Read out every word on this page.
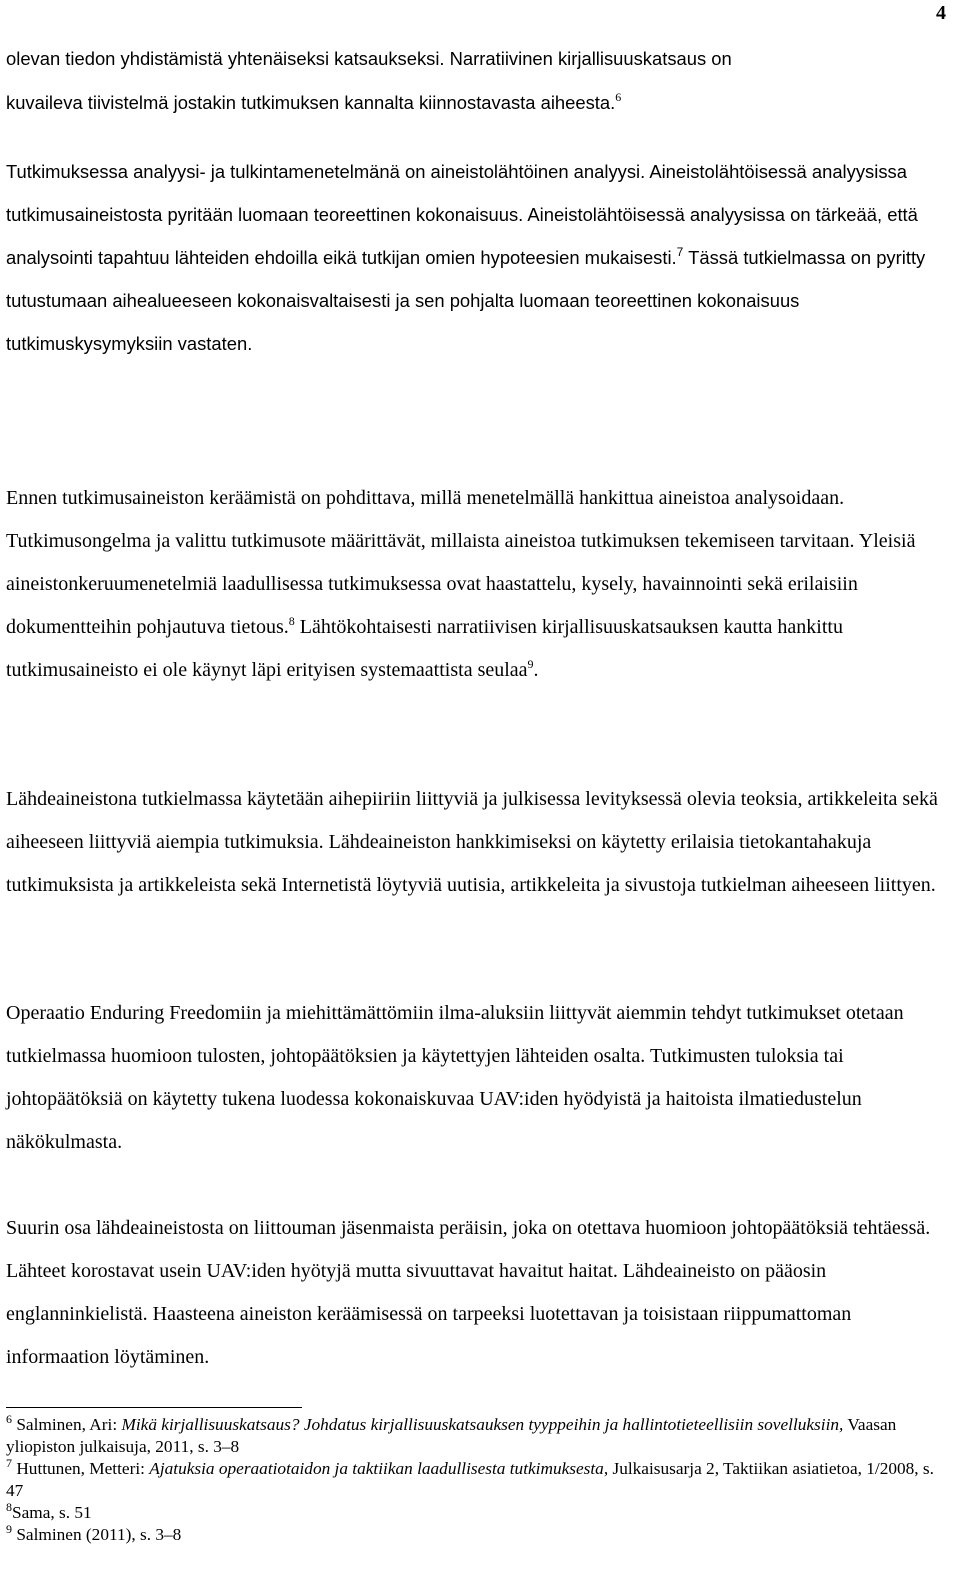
4

olevan tiedon yhdistämistä yhtenäiseksi katsaukseksi. Narratiivinen kirjallisuuskatsaus on
kuvaileva tiivistelmä jostakin tutkimuksen kannalta kiinnostavasta aiheesta.$^6$

Tutkimuksessa analyysi- ja tulkintamenetelmänä on aineistolähtöinen analyysi. Aineistolähtöisessä analyysissa tutkimusaineistosta pyritään luomaan teoreettinen kokonaisuus. Aineistolähtöisessä analyysissa on tärkeää, että analysointi tapahtuu lähteiden ehdoilla eikä tutkijan omien hypoteesien mukaisesti.$^7$ Tässä tutkielmassa on pyritty tutustumaan aihealueeseen kokonaisvaltaisesti ja sen pohjalta luomaan teoreettinen kokonaisuus tutkimuskysymyksiin vastaten.

Ennen tutkimusaineiston keräämistä on pohdittava, millä menetelmällä hankittua aineistoa analysoidaan. Tutkimusongelma ja valittu tutkimusote määrittävät, millaista aineistoa tutkimuksen tekemiseen tarvitaan. Yleisiä aineistonkeruumenetelmiä laadullisessa tutkimuksessa ovat haastattelu, kysely, havainnointi sekä erilaisiin dokumentteihin pohjautuva tietous.$^8$ Lähtökohtaisesti narratiivisen kirjallisuuskatsauksen kautta hankittu tutkimusaineisto ei ole käynyt läpi erityisen systemaattista seulaa$^9$.

Lähdeaineistona tutkielmassa käytetään aihepiiriin liittyviä ja julkisessa levityksessä olevia teoksia, artikkeleita sekä aiheeseen liittyviä aiempia tutkimuksia. Lähdeaineiston hankkimiseksi on käytetty erilaisia tietokantahakuja tutkimuksista ja artikkeleista sekä Internetistä löytyviä uutisia, artikkeleita ja sivustoja tutkielman aiheeseen liittyen.

Operaatio Enduring Freedomiin ja miehittämättömiin ilma-aluksiin liittyvät aiemmin tehdyt tutkimukset otetaan tutkielmassa huomioon tulosten, johtopäätöksien ja käytettyjen lähteiden osalta. Tutkimusten tuloksia tai johtopäätöksiä on käytetty tukena luodessa kokonaiskuvaa UAV:iden hyödyistä ja haitoista ilmatiedustelun näkökulmasta.

Suurin osa lähdeaineistosta on liittouman jäsenmaista peräisin, joka on otettava huomioon johtopäätöksiä tehtäessä. Lähteet korostavat usein UAV:iden hyötyjä mutta sivuuttavat havaitut haitat. Lähdeaineisto on pääosin englanninkielistä. Haasteena aineiston keräämisessä on tarpeeksi luotettavan ja toisistaan riippumattoman informaation löytäminen.

$^6$ Salminen, Ari: Mikä kirjallisuuskatsaus? Johdatus kirjallisuuskatsauksen tyyppeihin ja hallintotieteellisiin sovelluksiin, Vaasan yliopiston julkaisuja, 2011, s. 3–8

$^7$ Huttunen, Metteri: Ajatuksia operaatiotaidon ja taktiikan laadullisesta tutkimuksesta, Julkaisusarja 2, Taktiikan asiatietoa, 1/2008, s. 47

$^8$Sama, s. 51

$^9$ Salminen (2011), s. 3–8
